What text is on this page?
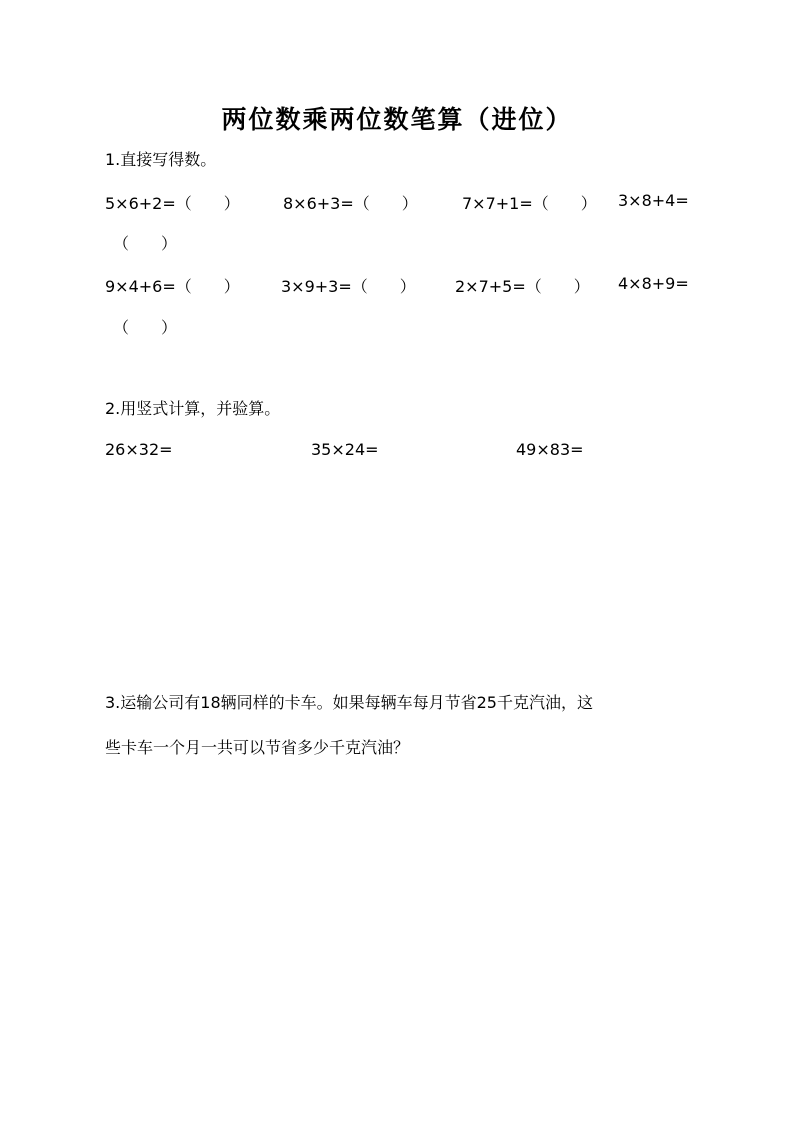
两位数乘两位数笔算（进位）
1.直接写得数。
5×6+2=（　　）	8×6+3=（　　）	7×7+1=（　　） 3×8+4=
（　　）
9×4+6=（　　）	3×9+3=（　　） 2×7+5=（　　） 4×8+9=
（　　）
2.用竖式计算，并验算。
26×32=	35×24=	49×83=
3.运输公司有18辆同样的卡车。如果每辆车每月节省25千克汽油，这
些卡车一个月一共可以节省多少千克汽油？
